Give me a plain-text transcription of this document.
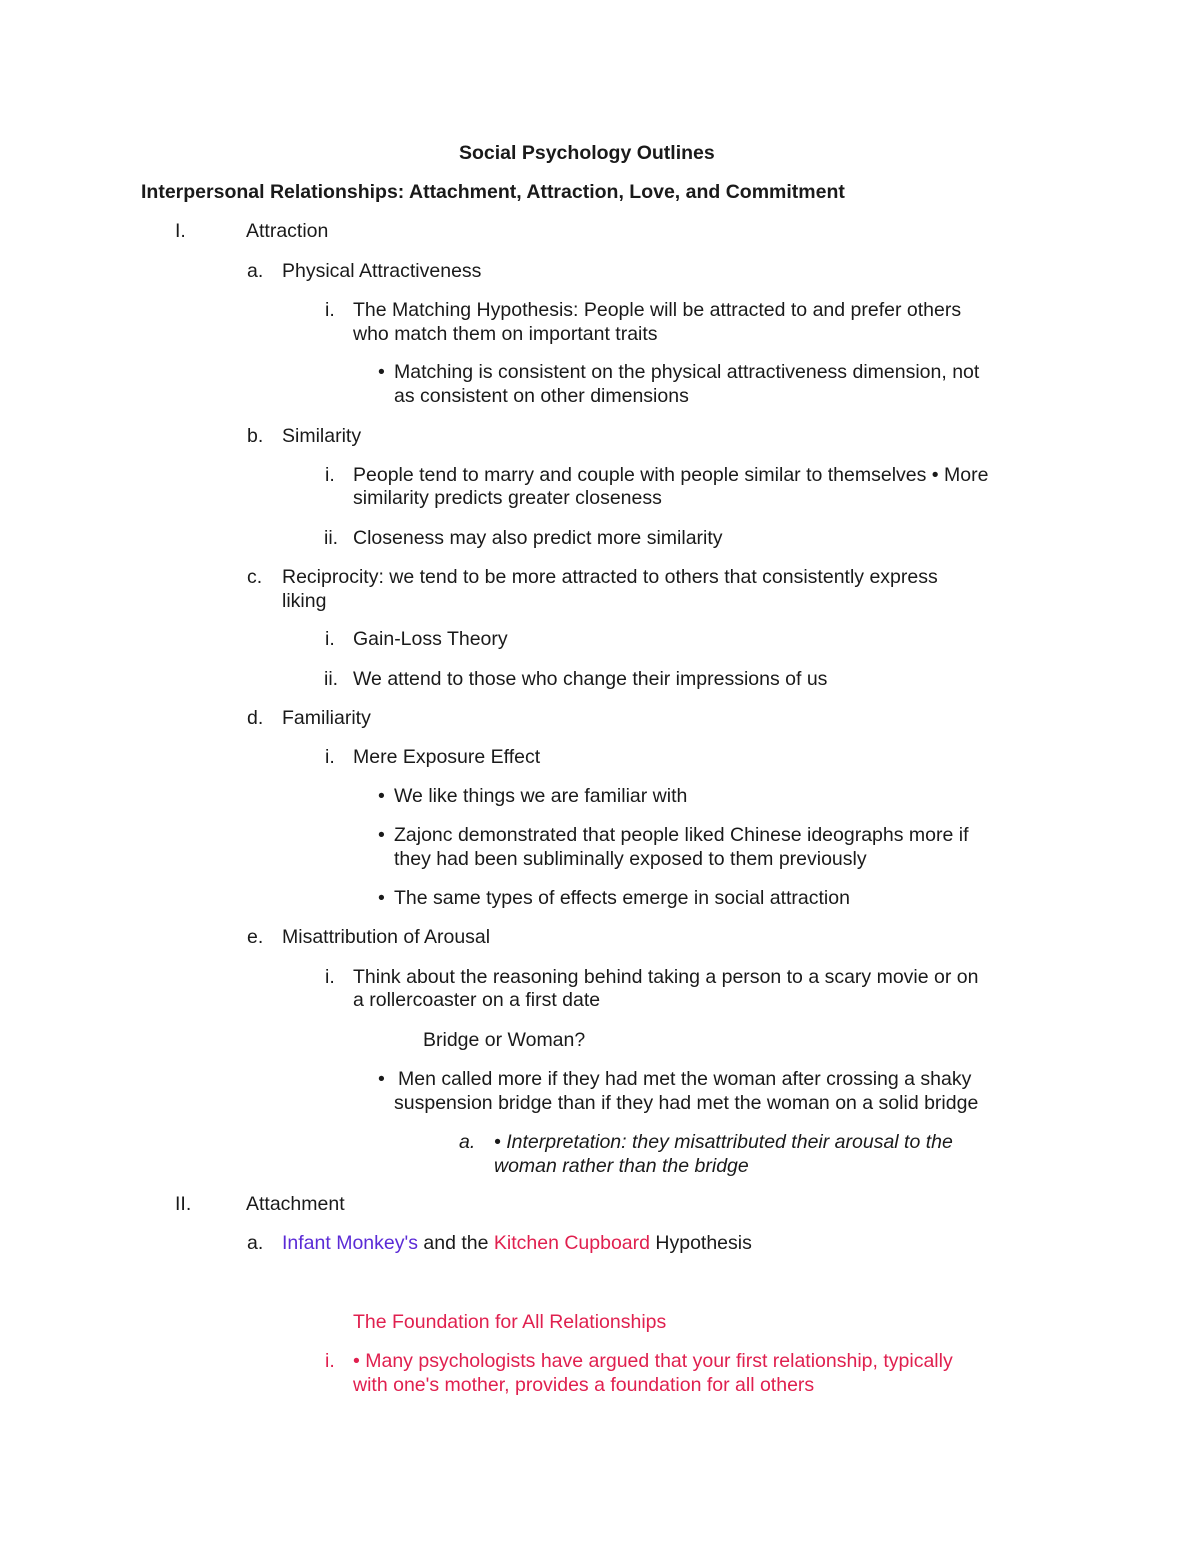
Social Psychology Outlines
Interpersonal Relationships: Attachment, Attraction, Love, and Commitment
I.	Attraction
a. Physical Attractiveness
i. The Matching Hypothesis: People will be attracted to and prefer others
who match them on important traits
• Matching is consistent on the physical attractiveness dimension, not
as consistent on other dimensions
b. Similarity
i. People tend to marry and couple with people similar to themselves • More
similarity predicts greater closeness
ii. Closeness may also predict more similarity
c. Reciprocity: we tend to be more attracted to others that consistently express
liking
i. Gain-Loss Theory
ii. We attend to those who change their impressions of us
d. Familiarity
i. Mere Exposure Effect
• We like things we are familiar with
• Zajonc demonstrated that people liked Chinese ideographs more if
they had been subliminally exposed to them previously
• The same types of effects emerge in social attraction
e. Misattribution of Arousal
i. Think about the reasoning behind taking a person to a scary movie or on
a rollercoaster on a first date
Bridge or Woman?
• Men called more if they had met the woman after crossing a shaky
suspension bridge than if they had met the woman on a solid bridge
a. • Interpretation: they misattributed their arousal to the
woman rather than the bridge
II.	Attachment
a. Infant Monkey's and the Kitchen Cupboard Hypothesis
The Foundation for All Relationships
i. • Many psychologists have argued that your first relationship, typically
with one's mother, provides a foundation for all others
